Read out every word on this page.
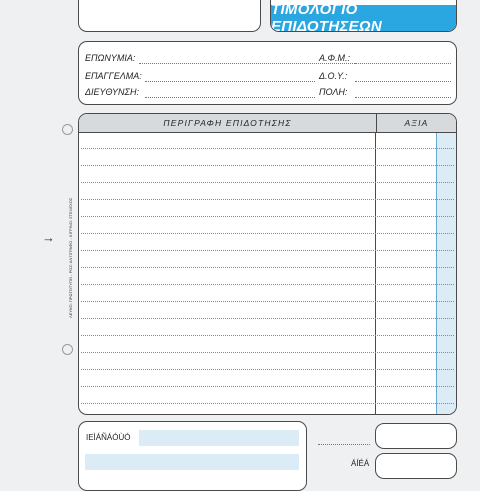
ΤΙΜΟΛΟΓΙΟ ΕΠΙΔΟΤΗΣΕΩΝ
ΕΠΩΝΥΜΙΑ:	Α.Φ.Μ.:
ΕΠΑΓΓΕΛΜΑ:	Δ.Ο.Υ.:
ΔΙΕΥΘΥΝΣΗ:	ΠΟΛΗ:
→	ΛΕΥΚΟ: ΠΡΩΤΟΤΥΠΟ - ΡΟΖ: ΑΝΤΙΓΡΑΦΟ - ΚΙΤΡΙΝΟ: ΣΤΕΛΕΧΟΣ
ΠΕΡΙΓΡΑΦΗ ΕΠΙΔΟΤΗΣΗΣ	ΑΞΙΑ
ΙΕÌÁÑÁÓÙÓ
ÁÍÉÁ
